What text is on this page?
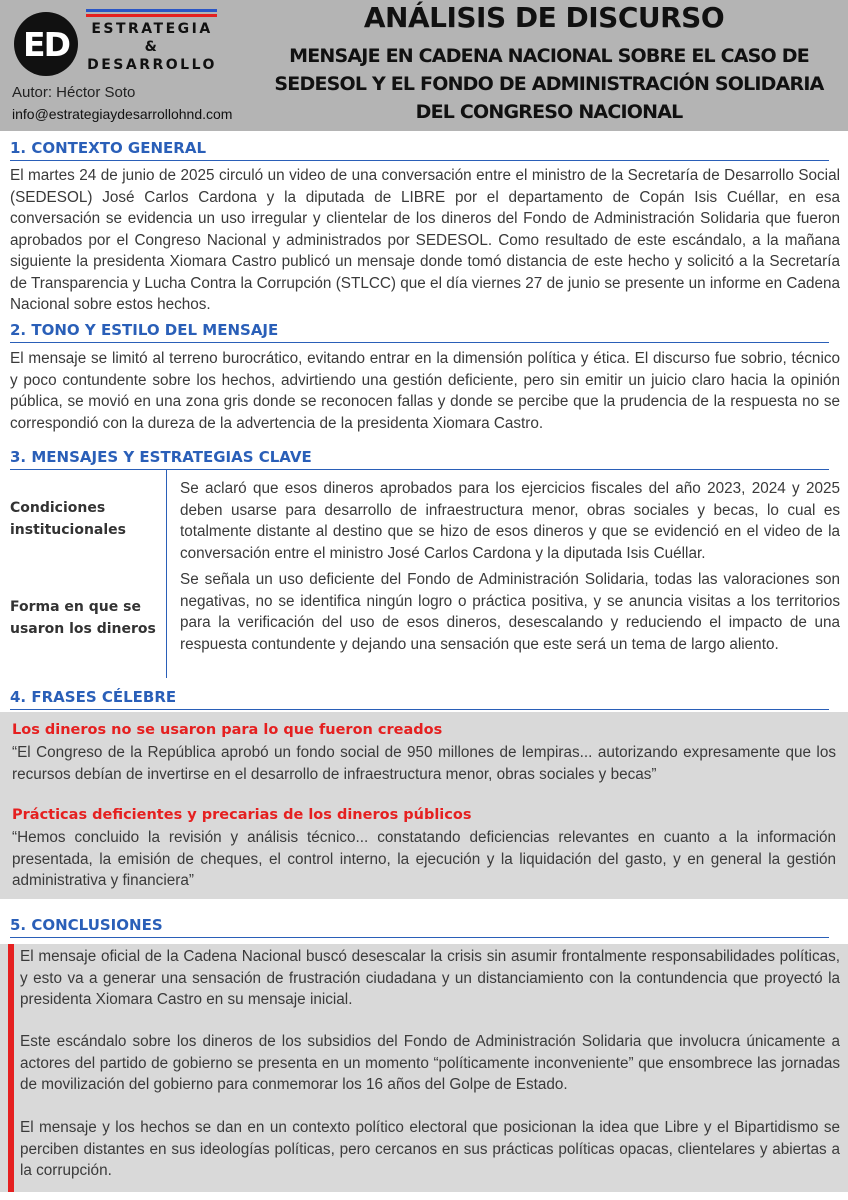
ED	ESTRATEGIA
&
DESARROLLO
Autor: Héctor Soto
info@estrategiaydesarrollohnd.com
ANÁLISIS DE DISCURSO
MENSAJE EN CADENA NACIONAL SOBRE EL CASO DE
SEDESOL Y EL FONDO DE ADMINISTRACIÓN SOLIDARIA
DEL CONGRESO NACIONAL
1. CONTEXTO GENERAL

El martes 24 de junio de 2025 circuló un video de una conversación entre el ministro de la Secretaría de Desarrollo Social (SEDESOL) José Carlos Cardona y la diputada de LIBRE por el departamento de Copán Isis Cuéllar, en esa conversación se evidencia un uso irregular y clientelar de los dineros del Fondo de Administración Solidaria que fueron aprobados por el Congreso Nacional y administrados por SEDESOL. Como resultado de este escándalo, a la mañana siguiente la presidenta Xiomara Castro publicó un mensaje donde tomó distancia de este hecho y solicitó a la Secretaría de Transparencia y Lucha Contra la Corrupción (STLCC) que el día viernes 27 de junio se presente un informe en Cadena Nacional sobre estos hechos.

2. TONO Y ESTILO DEL MENSAJE

El mensaje se limitó al terreno burocrático, evitando entrar en la dimensión política y ética. El discurso fue sobrio, técnico y poco contundente sobre los hechos, advirtiendo una gestión deficiente, pero sin emitir un juicio claro hacia la opinión pública, se movió en una zona gris donde se reconocen fallas y donde se percibe que la prudencia de la respuesta no se correspondió con la dureza de la advertencia de la presidenta Xiomara Castro.

3. MENSAJES Y ESTRATEGIAS CLAVE
Condiciones
institucionales

Se aclaró que esos dineros aprobados para los ejercicios fiscales del año 2023, 2024 y 2025 deben usarse para desarrollo de infraestructura menor, obras sociales y becas, lo cual es totalmente distante al destino que se hizo de esos dineros y que se evidenció en el video de la conversación entre el ministro José Carlos Cardona y la diputada Isis Cuéllar.

Forma en que se
usaron los dineros

Se señala un uso deficiente del Fondo de Administración Solidaria, todas las valoraciones son negativas, no se identifica ningún logro o práctica positiva, y se anuncia visitas a los territorios para la verificación del uso de esos dineros, desescalando y reduciendo el impacto de una respuesta contundente y dejando una sensación que este será un tema de largo aliento.

4. FRASES CÉLEBRE
Los dineros no se usaron para lo que fueron creados

“El Congreso de la República aprobó un fondo social de 950 millones de lempiras... autorizando expresamente que los recursos debían de invertirse en el desarrollo de infraestructura menor, obras sociales y becas”

Prácticas deficientes y precarias de los dineros públicos

“Hemos concluido la revisión y análisis técnico... constatando deficiencias relevantes en cuanto a la información presentada, la emisión de cheques, el control interno, la ejecución y la liquidación del gasto, y en general la gestión administrativa y financiera”

5. CONCLUSIONES

El mensaje oficial de la Cadena Nacional buscó desescalar la crisis sin asumir frontalmente responsabilidades políticas, y esto va a generar una sensación de frustración ciudadana y un distanciamiento con la contundencia que proyectó la presidenta Xiomara Castro en su mensaje inicial.

Este escándalo sobre los dineros de los subsidios del Fondo de Administración Solidaria que involucra únicamente a actores del partido de gobierno se presenta en un momento “políticamente inconveniente” que ensombrece las jornadas de movilización del gobierno para conmemorar los 16 años del Golpe de Estado.

El mensaje y los hechos se dan en un contexto político electoral que posicionan la idea que Libre y el Bipartidismo se perciben distantes en sus ideologías políticas, pero cercanos en sus prácticas políticas opacas, clientelares y abiertas a la corrupción.
